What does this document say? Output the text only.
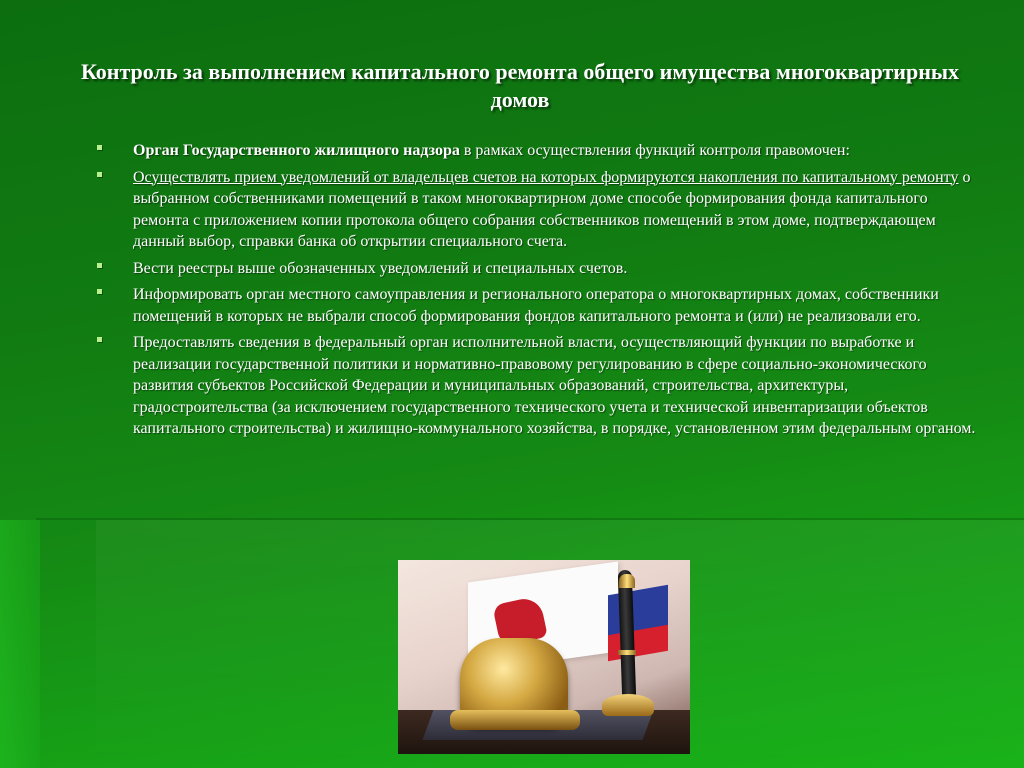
Контроль за выполнением капитального ремонта общего имущества многоквартирных домов
Орган Государственного жилищного надзора в рамках осуществления функций контроля правомочен:
Осуществлять прием уведомлений от владельцев счетов на которых формируются накопления по капитальному ремонту о выбранном собственниками помещений в таком многоквартирном доме способе формирования фонда капитального ремонта с приложением копии протокола общего собрания собственников помещений в этом доме, подтверждающем данный выбор, справки банка об открытии специального счета.
Вести реестры выше обозначенных уведомлений и специальных счетов.
Информировать орган местного самоуправления и регионального оператора о многоквартирных домах, собственники помещений в которых не выбрали способ формирования фондов капитального ремонта и (или) не реализовали его.
Предоставлять сведения в федеральный орган исполнительной власти, осуществляющий функции по выработке и реализации государственной политики и нормативно-правовому регулированию в сфере социально-экономического развития субъектов Российской Федерации и муниципальных образований, строительства, архитектуры, градостроительства (за исключением государственного технического учета и технической инвентаризации объектов капитального строительства) и жилищно-коммунального хозяйства, в порядке, установленном этим федеральным органом.
